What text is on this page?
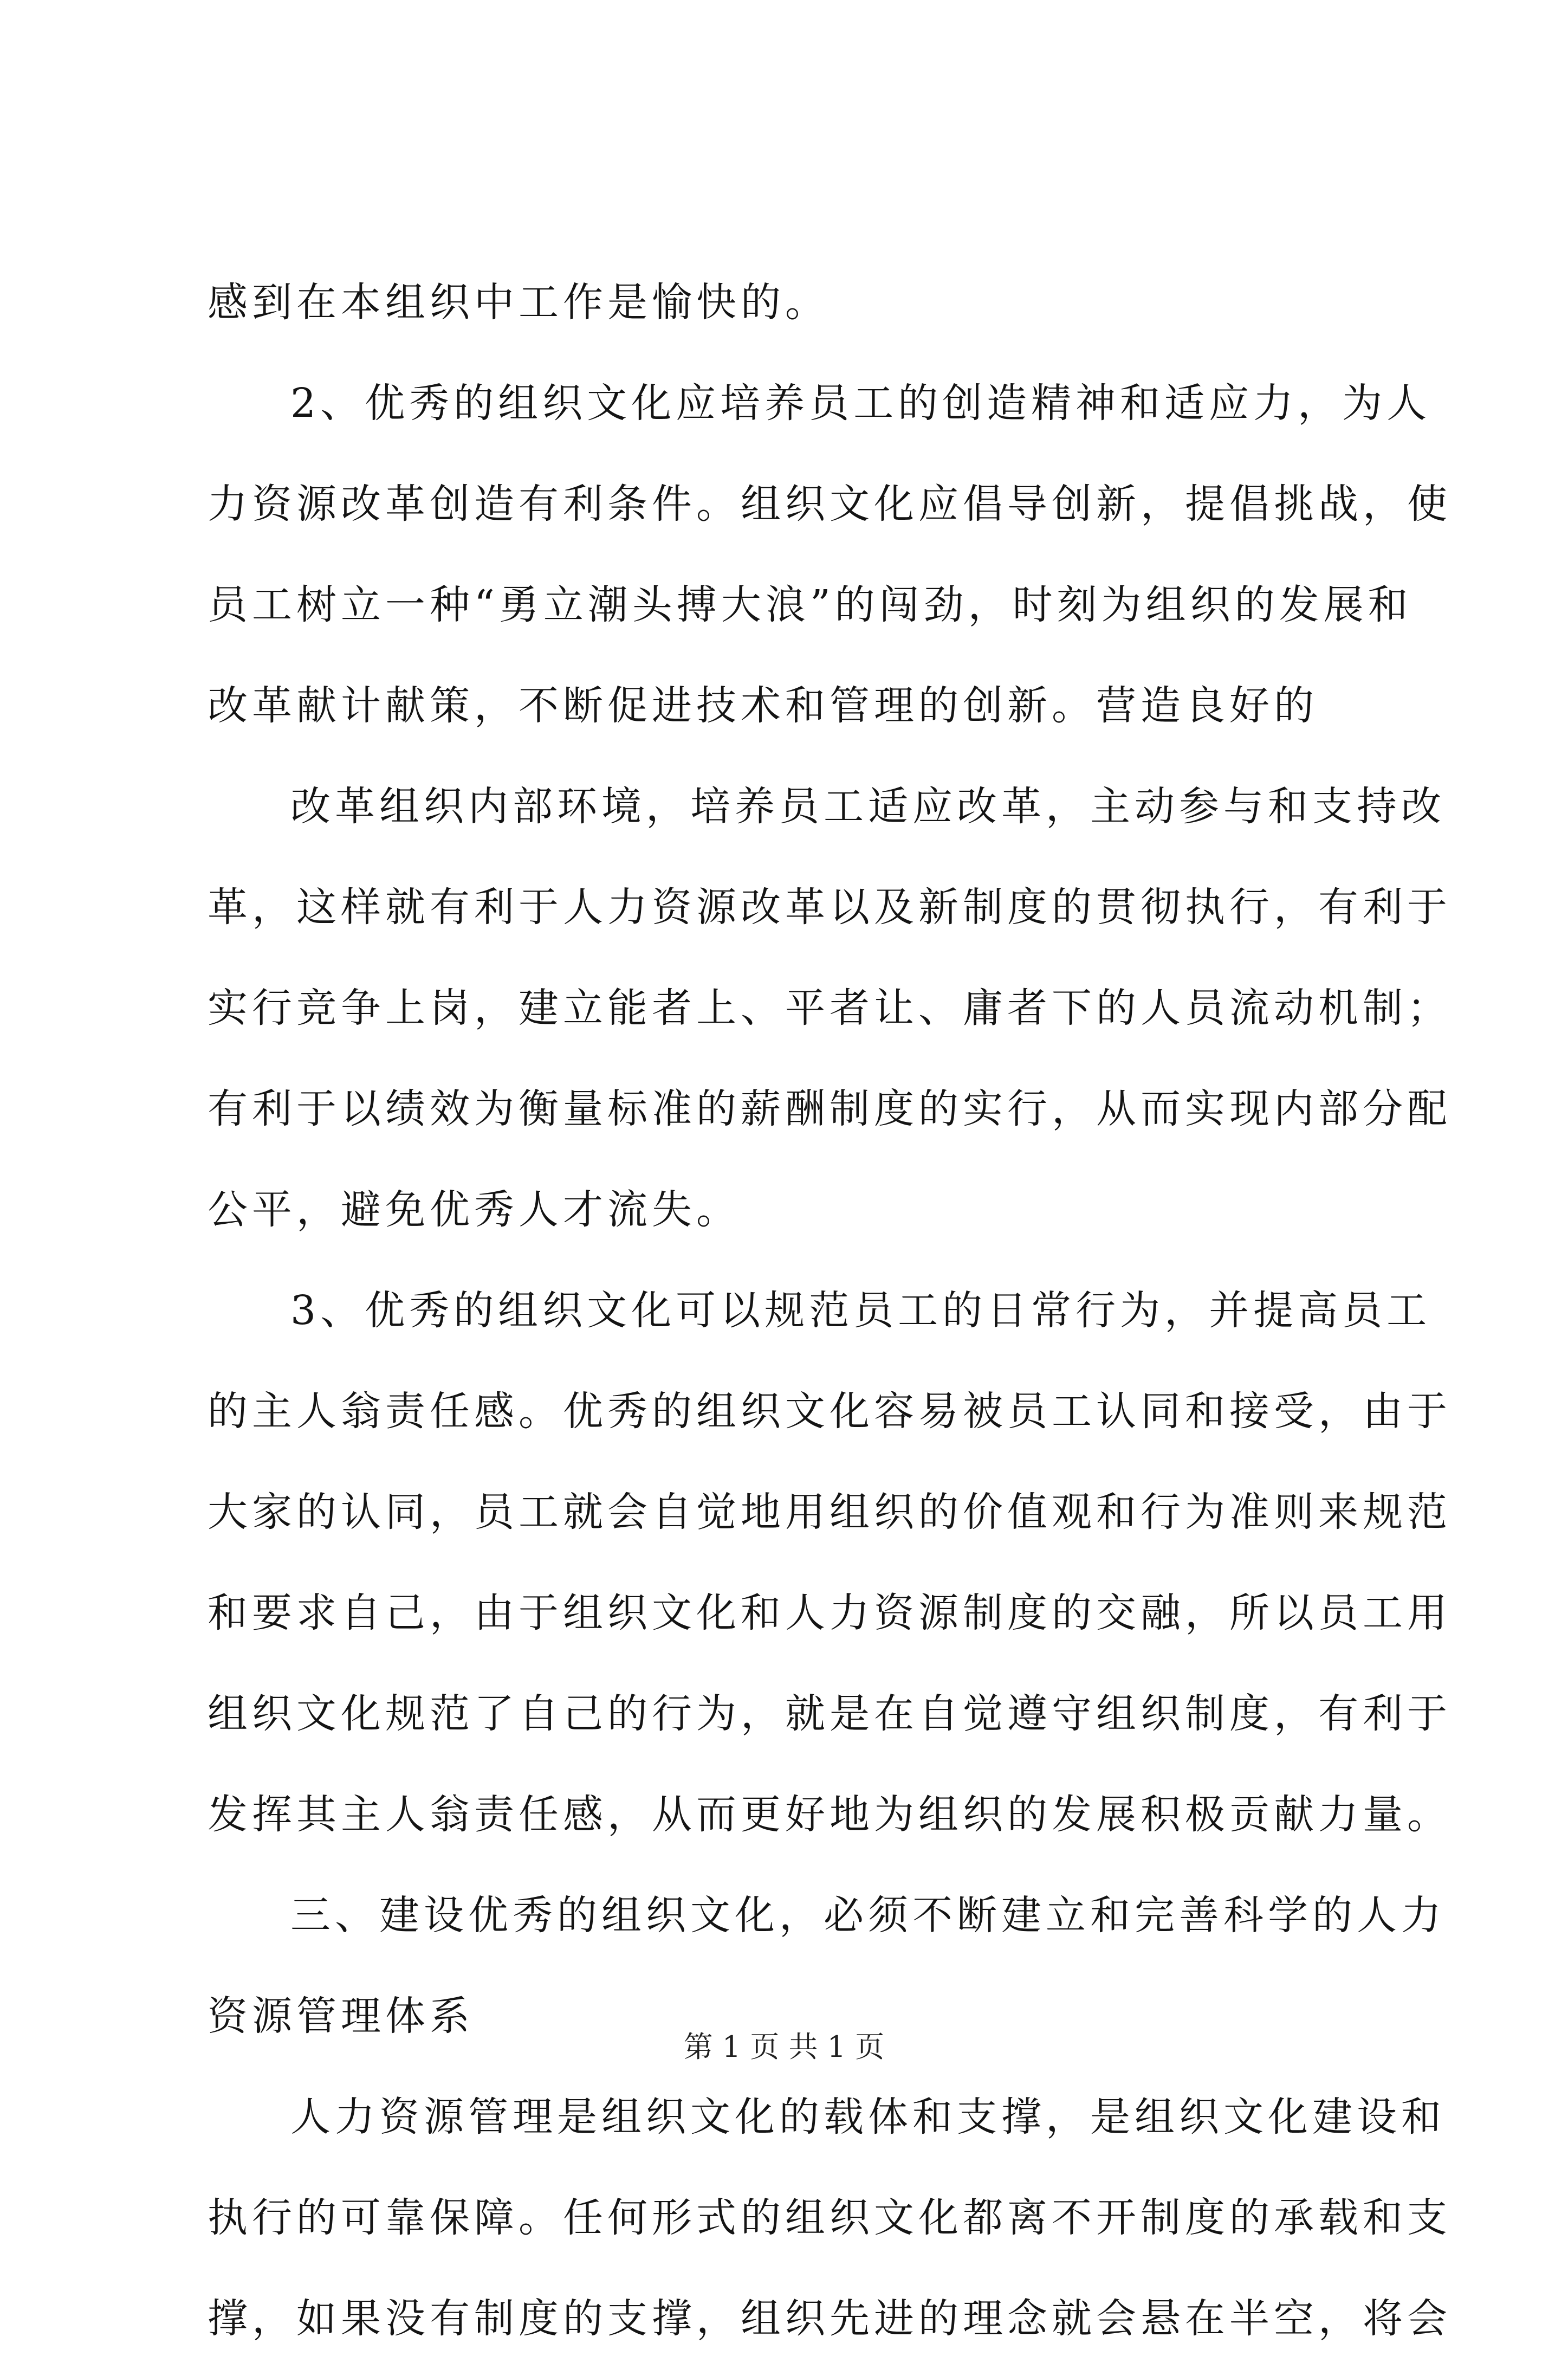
感到在本组织中工作是愉快的。
2、优秀的组织文化应培养员工的创造精神和适应力，为人
力资源改革创造有利条件。组织文化应倡导创新，提倡挑战，使
员工树立一种“勇立潮头搏大浪”的闯劲，时刻为组织的发展和
改革献计献策，不断促进技术和管理的创新。营造良好的
改革组织内部环境，培养员工适应改革，主动参与和支持改
革，这样就有利于人力资源改革以及新制度的贯彻执行，有利于
实行竞争上岗，建立能者上、平者让、庸者下的人员流动机制；
有利于以绩效为衡量标准的薪酬制度的实行，从而实现内部分配
公平，避免优秀人才流失。
3、优秀的组织文化可以规范员工的日常行为，并提高员工
的主人翁责任感。优秀的组织文化容易被员工认同和接受，由于
大家的认同，员工就会自觉地用组织的价值观和行为准则来规范
和要求自己，由于组织文化和人力资源制度的交融，所以员工用
组织文化规范了自己的行为，就是在自觉遵守组织制度，有利于
发挥其主人翁责任感，从而更好地为组织的发展积极贡献力量。
三、建设优秀的组织文化，必须不断建立和完善科学的人力
资源管理体系
人力资源管理是组织文化的载体和支撑，是组织文化建设和
执行的可靠保障。任何形式的组织文化都离不开制度的承载和支
撑，如果没有制度的支撑，组织先进的理念就会悬在半空，将会
第 1 页 共 1 页
